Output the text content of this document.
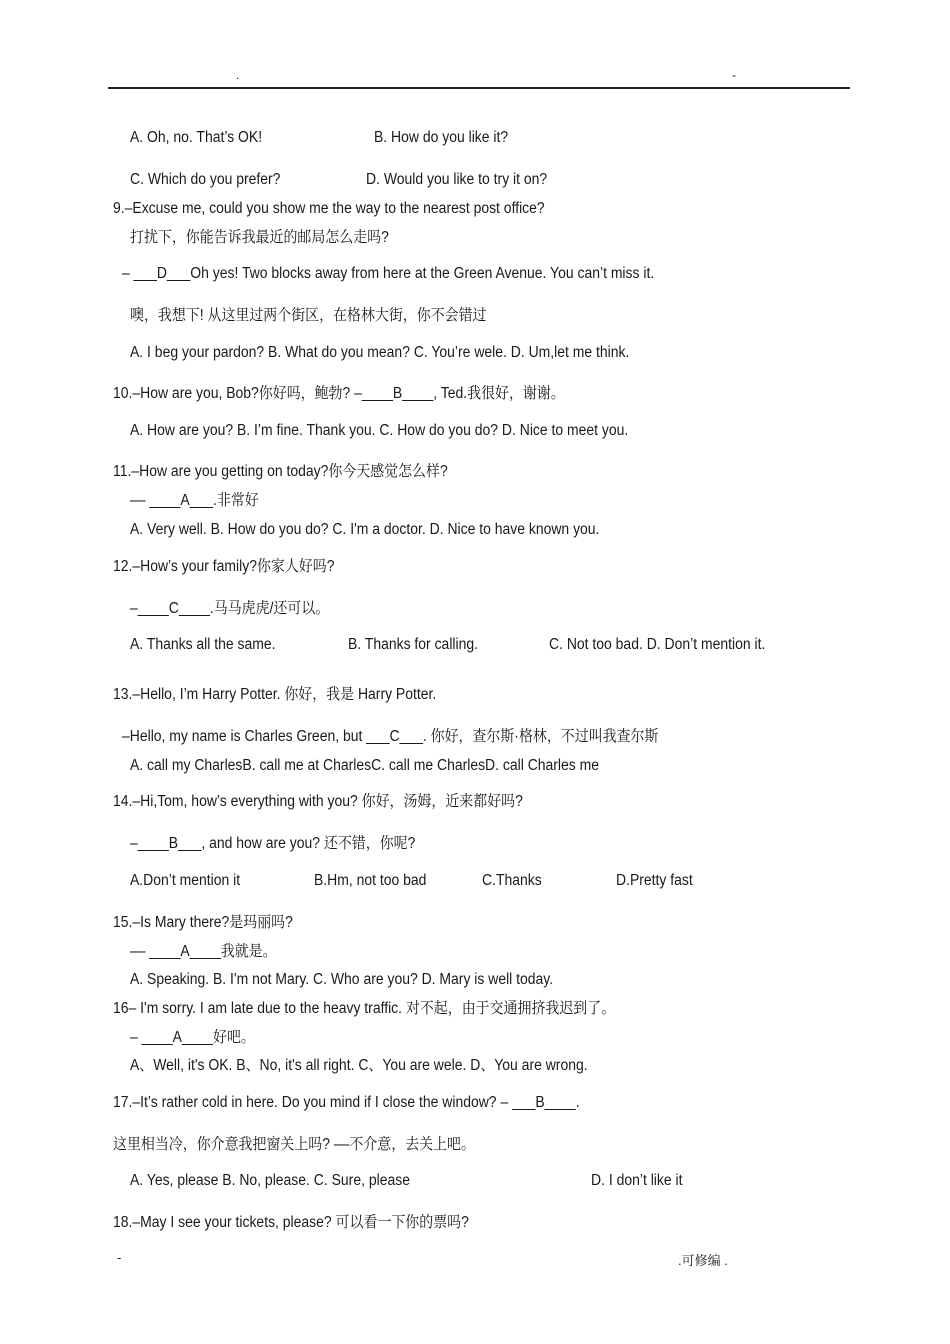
.	-
A. Oh, no. That’s OK!	B. How do you like it?
C. Which do you prefer?	D. Would you like to try it on?
9.–Excuse me, could you show me the way to the nearest post office?
打扰下，你能告诉我最近的邮局怎么走吗?
– ___D___Oh yes! Two blocks away from here at the Green Avenue. You can’t miss it.
噢，我想下! 从这里过两个街区，在格林大街，你不会错过
A. I beg your pardon? B. What do you mean? C. You’re wele. D. Um,let me think.
10.–How are you, Bob?你好吗，鲍勃? –____B____, Ted.我很好，谢谢。
A. How are you? B. I’m fine. Thank you. C. How do you do? D. Nice to meet you.
11.–How are you getting on today?你今天感觉怎么样?
–– ____A___.非常好
A. Very well. B. How do you do? C. I'm a doctor. D. Nice to have known you.
12.–How’s your family?你家人好吗?
–____C____.马马虎虎/还可以。
A. Thanks all the same.	B. Thanks for calling.	C. Not too bad. D. Don’t mention it.
13.–Hello, I’m Harry Potter. 你好，我是 Harry Potter.
–Hello, my name is Charles Green, but ___C___. 你好，查尔斯·格林，不过叫我查尔斯
A. call my CharlesB. call me at CharlesC. call me CharlesD. call Charles me
14.–Hi,Tom, how’s everything with you? 你好，汤姆，近来都好吗?
–____B___, and how are you? 还不错，你呢?
A.Don’t mention it	B.Hm, not too bad	C.Thanks	D.Pretty fast
15.–Is Mary there?是玛丽吗?
–– ____A____我就是。
A. Speaking. B. I'm not Mary. C. Who are you? D. Mary is well today.
16– I'm sorry. I am late due to the heavy traffic. 对不起，由于交通拥挤我迟到了。
– ____A____好吧。
A、Well, it's OK. B、No, it's all right. C、You are wele. D、You are wrong.
17.–It’s rather cold in here. Do you mind if I close the window? – ___B____.
这里相当冷，你介意我把窗关上吗? ––不介意，去关上吧。
A. Yes, please B. No, please. C. Sure, please	D. I don’t like it
18.–May I see your tickets, please? 可以看一下你的票吗?
-	.可修编 .
